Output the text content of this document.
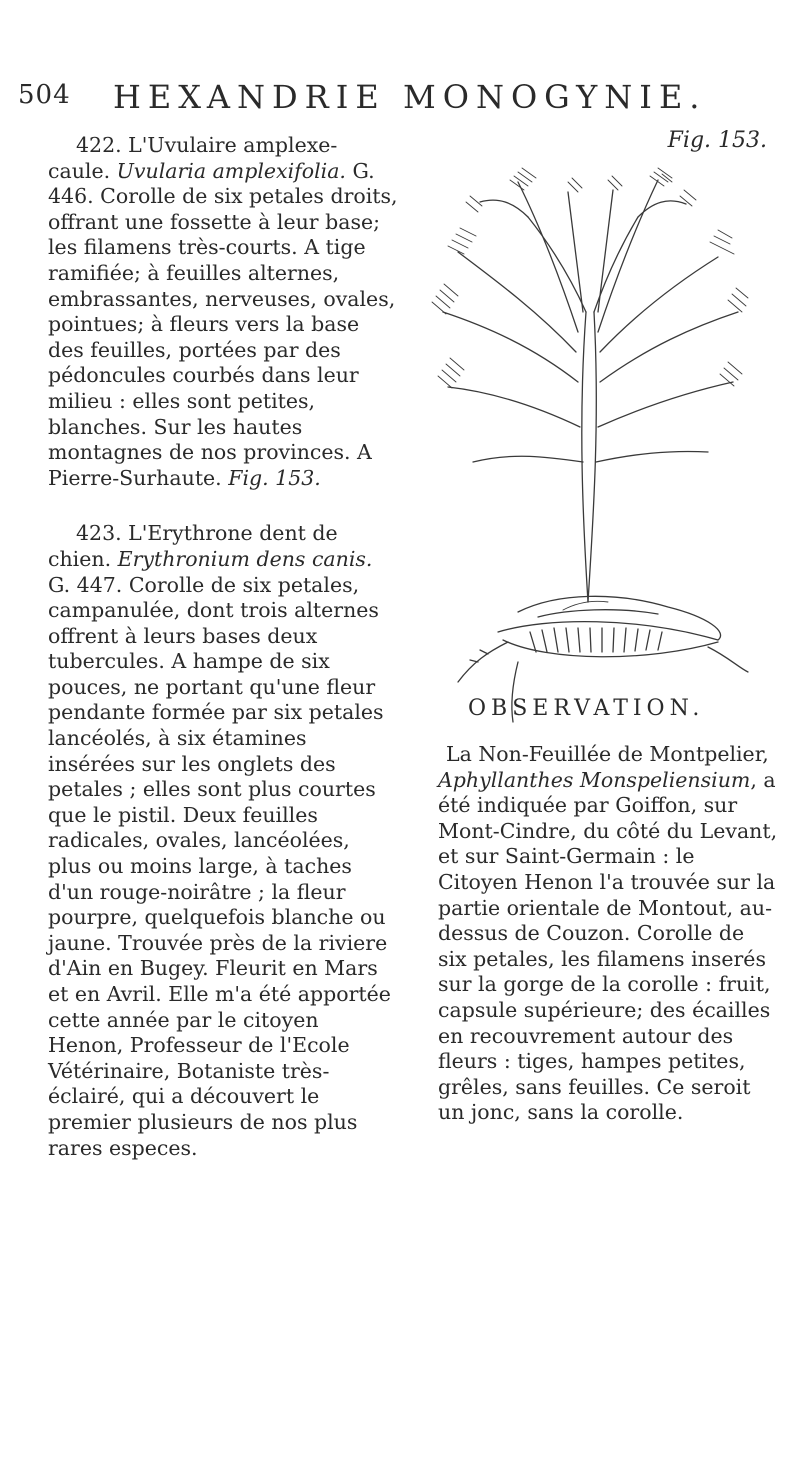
504 HEXANDRIE MONOGYNIE.

422. L'Uvulaire amplexe-caule. Uvularia amplexifolia. G. 446. Corolle de six petales droits, offrant une fossette à leur base; les filamens très-courts. A tige ramifiée; à feuilles alternes, embrassantes, nerveuses, ovales, pointues; à fleurs vers la base des feuilles, portées par des pédoncules courbés dans leur milieu : elles sont petites, blanches. Sur les hautes montagnes de nos provinces. A Pierre-Surhaute. Fig. 153.

423. L'Erythrone dent de chien. Erythronium dens canis. G. 447. Corolle de six petales, campanulée, dont trois alternes offrent à leurs bases deux tubercules. A hampe de six pouces, ne portant qu'une fleur pendante formée par six petales lancéolés, à six étamines insérées sur les onglets des petales ; elles sont plus courtes que le pistil. Deux feuilles radicales, ovales, lancéolées, plus ou moins large, à taches d'un rouge-noirâtre ; la fleur pourpre, quelquefois blanche ou jaune. Trouvée près de la riviere d'Ain en Bugey. Fleurit en Mars et en Avril. Elle m'a été apportée cette année par le citoyen Henon, Professeur de l'Ecole Vétérinaire, Botaniste très-éclairé, qui a découvert le premier plusieurs de nos plus rares especes.

Fig. 153.
OBSERVATION.

La Non-Feuillée de Montpelier, Aphyllanthes Monspeliensium, a été indiquée par Goiffon, sur Mont-Cindre, du côté du Levant, et sur Saint-Germain : le Citoyen Henon l'a trouvée sur la partie orientale de Montout, au-dessus de Couzon. Corolle de six petales, les filamens inserés sur la gorge de la corolle : fruit, capsule supérieure; des écailles en recouvrement autour des fleurs : tiges, hampes petites, grêles, sans feuilles. Ce seroit un jonc, sans la corolle.
